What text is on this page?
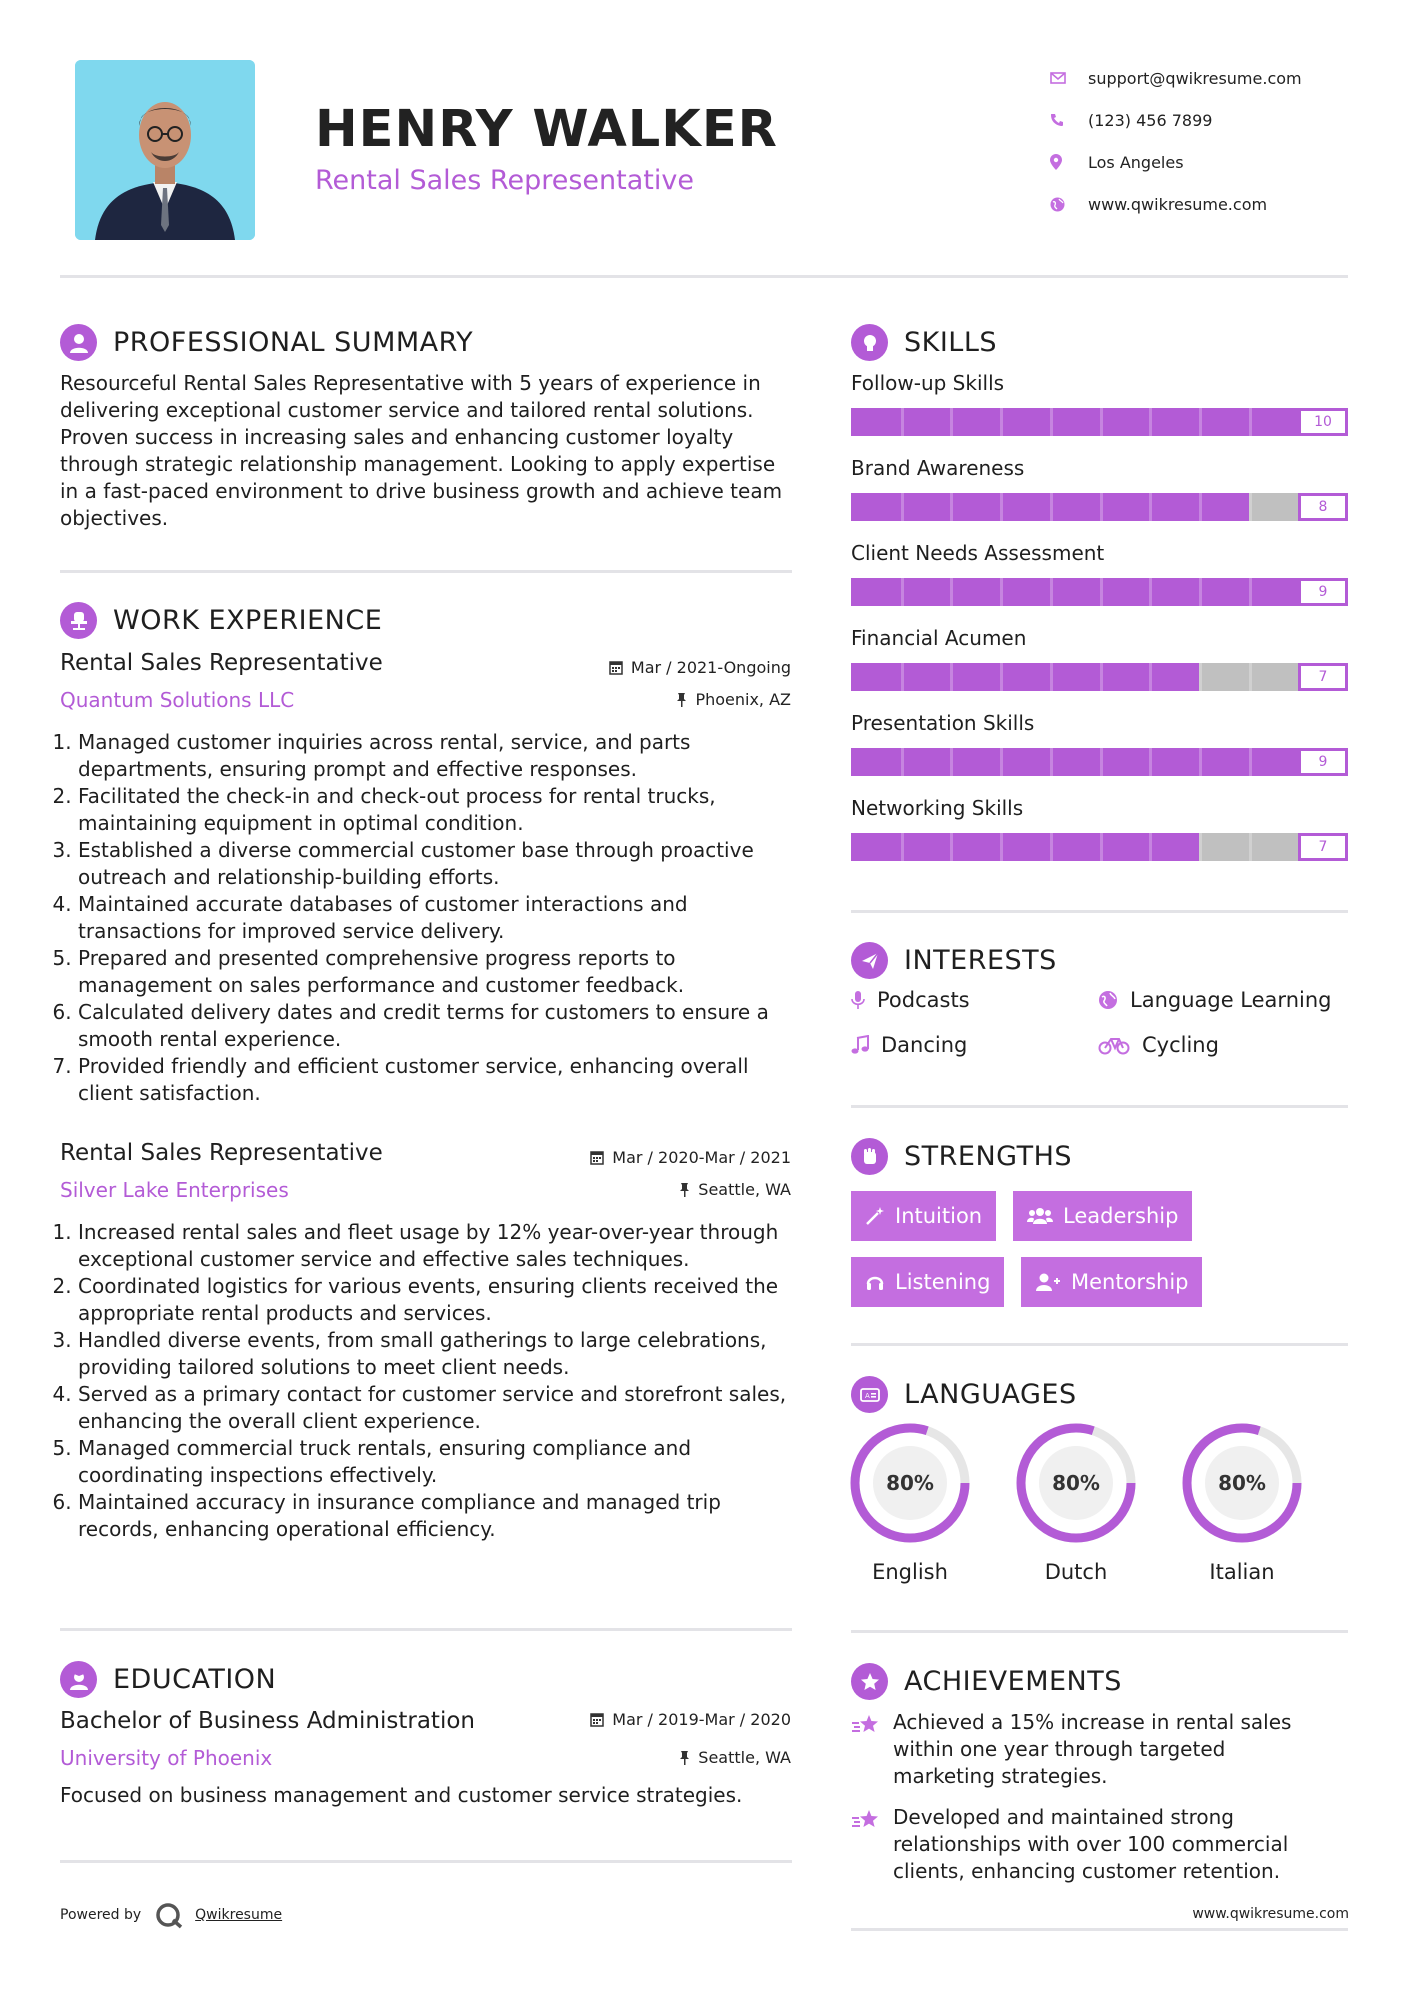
HENRY WALKER
Rental Sales Representative
support@qwikresume.com
(123) 456 7899
Los Angeles
www.qwikresume.com
PROFESSIONAL SUMMARY
Resourceful Rental Sales Representative with 5 years of experience in delivering exceptional customer service and tailored rental solutions. Proven success in increasing sales and enhancing customer loyalty through strategic relationship management. Looking to apply expertise in a fast-paced environment to drive business growth and achieve team objectives.
WORK EXPERIENCE
Rental Sales Representative	Mar / 2021-Ongoing
Quantum Solutions LLC	Phoenix, AZ
1. Managed customer inquiries across rental, service, and parts departments, ensuring prompt and effective responses.
2. Facilitated the check-in and check-out process for rental trucks, maintaining equipment in optimal condition.
3. Established a diverse commercial customer base through proactive outreach and relationship-building efforts.
4. Maintained accurate databases of customer interactions and transactions for improved service delivery.
5. Prepared and presented comprehensive progress reports to management on sales performance and customer feedback.
6. Calculated delivery dates and credit terms for customers to ensure a smooth rental experience.
7. Provided friendly and efficient customer service, enhancing overall client satisfaction.
Rental Sales Representative	Mar / 2020-Mar / 2021
Silver Lake Enterprises	Seattle, WA
1. Increased rental sales and fleet usage by 12% year-over-year through exceptional customer service and effective sales techniques.
2. Coordinated logistics for various events, ensuring clients received the appropriate rental products and services.
3. Handled diverse events, from small gatherings to large celebrations, providing tailored solutions to meet client needs.
4. Served as a primary contact for customer service and storefront sales, enhancing the overall client experience.
5. Managed commercial truck rentals, ensuring compliance and coordinating inspections effectively.
6. Maintained accuracy in insurance compliance and managed trip records, enhancing operational efficiency.
EDUCATION
Bachelor of Business Administration	Mar / 2019-Mar / 2020
University of Phoenix	Seattle, WA
Focused on business management and customer service strategies.
SKILLS
Follow-up Skills
10
Brand Awareness
8
Client Needs Assessment
9
Financial Acumen
7
Presentation Skills
9
Networking Skills
7
INTERESTS
Podcasts	Language Learning
Dancing	Cycling
STRENGTHS
Intuition	Leadership
Listening	Mentorship
A LANGUAGES
80%
English
80%
Dutch
80%
Italian
ACHIEVEMENTS
Achieved a 15% increase in rental sales within one year through targeted marketing strategies.
Developed and maintained strong relationships with over 100 commercial clients, enhancing customer retention.
Powered by	Qwikresume	www.qwikresume.com
